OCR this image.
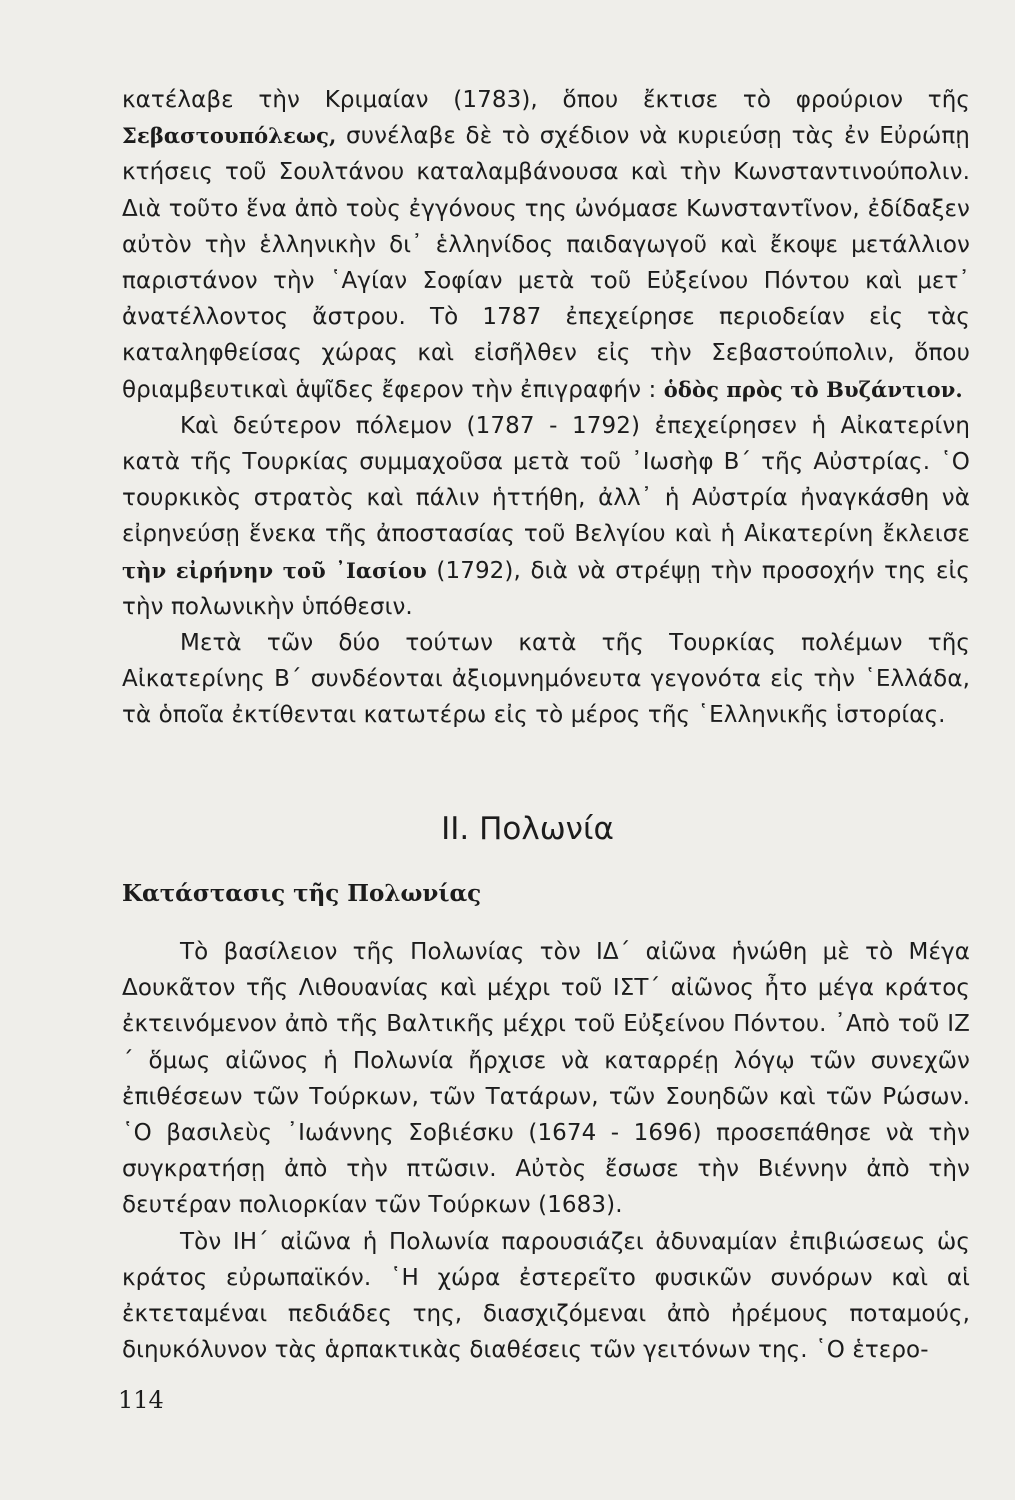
κατέλαβε τὴν Κριμαίαν (1783), ὅπου ἔκτισε τὸ φρούριον τῆς Σεβαστουπόλεως, συνέλαβε δὲ τὸ σχέδιον νὰ κυριεύσῃ τὰς ἐν Εὐρώπῃ κτήσεις τοῦ Σουλτάνου καταλαμβάνουσα καὶ τὴν Κωνσταντινούπολιν. Διὰ τοῦτο ἕνα ἀπὸ τοὺς ἐγγόνους της ὠνόμασε Κωνσταντῖνον, ἐδίδαξεν αὐτὸν τὴν ἑλληνικὴν δι᾽ ἑλληνίδος παιδαγωγοῦ καὶ ἔκοψε μετάλλιον παριστάνον τὴν ῾Αγίαν Σοφίαν μετὰ τοῦ Εὐξείνου Πόντου καὶ μετ᾽ ἀνατέλλοντος ἄστρου. Τὸ 1787 ἐπεχείρησε περιοδείαν εἰς τὰς καταληφθείσας χώρας καὶ εἰσῆλθεν εἰς τὴν Σεβαστούπολιν, ὅπου θριαμβευτικαὶ ἁψῖδες ἔφερον τὴν ἐπιγραφήν : ὁδὸς πρὸς τὸ Βυζάντιον.

Καὶ δεύτερον πόλεμον (1787 - 1792) ἐπεχείρησεν ἡ Αἰκατερίνη κατὰ τῆς Τουρκίας συμμαχοῦσα μετὰ τοῦ ᾿Ιωσὴφ Β´ τῆς Αὐστρίας. ῾Ο τουρκικὸς στρατὸς καὶ πάλιν ἡττήθη, ἀλλ᾽ ἡ Αὐστρία ἠναγκάσθη νὰ εἰρηνεύσῃ ἕνεκα τῆς ἀποστασίας τοῦ Βελγίου καὶ ἡ Αἰκατερίνη ἔκλεισε τὴν εἰρήνην τοῦ ᾿Ιασίου (1792), διὰ νὰ στρέψῃ τὴν προσοχήν της εἰς τὴν πολωνικὴν ὑπόθεσιν.

Μετὰ τῶν δύο τούτων κατὰ τῆς Τουρκίας πολέμων τῆς Αἰκατερίνης Β´ συνδέονται ἀξιομνημόνευτα γεγονότα εἰς τὴν ῾Ελλάδα, τὰ ὁποῖα ἐκτίθενται κατωτέρω εἰς τὸ μέρος τῆς ῾Ελληνικῆς ἱστορίας.

ΙΙ. Πολωνία
Κατάστασις τῆς Πολωνίας

Τὸ βασίλειον τῆς Πολωνίας τὸν ΙΔ´ αἰῶνα ἡνώθη μὲ τὸ Μέγα Δουκᾶτον τῆς Λιθουανίας καὶ μέχρι τοῦ ΙΣΤ´ αἰῶνος ἦτο μέγα κράτος ἐκτεινόμενον ἀπὸ τῆς Βαλτικῆς μέχρι τοῦ Εὐξείνου Πόντου. ᾿Απὸ τοῦ ΙΖ´ ὅμως αἰῶνος ἡ Πολωνία ἤρχισε νὰ καταρρέῃ λόγῳ τῶν συνεχῶν ἐπιθέσεων τῶν Τούρκων, τῶν Τατάρων, τῶν Σουηδῶν καὶ τῶν Ρώσων. ῾Ο βασιλεὺς ᾿Ιωάννης Σοβιέσκυ (1674 - 1696) προσεπάθησε νὰ τὴν συγκρατήσῃ ἀπὸ τὴν πτῶσιν. Αὐτὸς ἔσωσε τὴν Βιέννην ἀπὸ τὴν δευτέραν πολιορκίαν τῶν Τούρκων (1683).

Τὸν ΙΗ´ αἰῶνα ἡ Πολωνία παρουσιάζει ἀδυναμίαν ἐπιβιώσεως ὡς κράτος εὐρωπαϊκόν. ῾Η χώρα ἐστερεῖτο φυσικῶν συνόρων καὶ αἱ ἐκτεταμέναι πεδιάδες της, διασχιζόμεναι ἀπὸ ἠρέμους ποταμούς, διηυκόλυνον τὰς ἁρπακτικὰς διαθέσεις τῶν γειτόνων της. ῾Ο ἑτερο-

114
